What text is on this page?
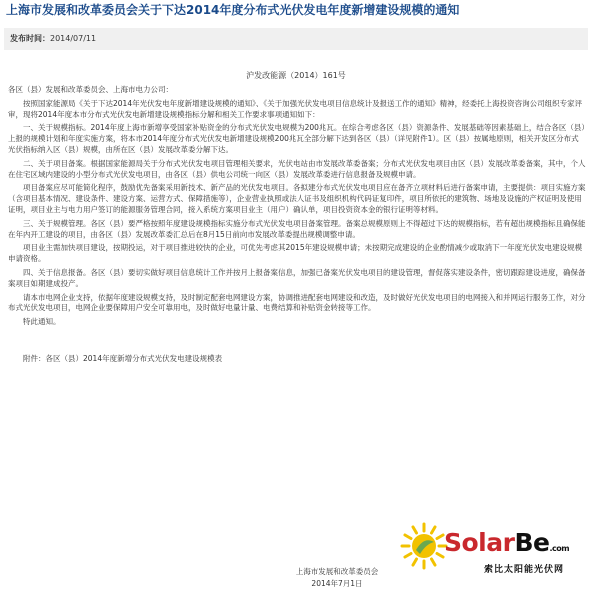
上海市发展和改革委员会关于下达2014年度分布式光伏发电年度新增建设规模的通知
发布时间：2014/07/11
沪发改能源（2014）161号

各区（县）发展和改革委员会、上海市电力公司：

按照国家能源局《关于下达2014年光伏发电年度新增建设规模的通知》、《关于加强光伏发电项目信息统计及报送工作的通知》精神，经委托上海投资咨询公司组织专家评审，现将2014年度本市分布式光伏发电新增建设规模指标分解和相关工作要求事项通知如下：

一、关于规模指标。2014年度上海市新增享受国家补贴资金的分布式光伏发电规模为200兆瓦。在综合考虑各区（县）资源条件、发展基础等因素基础上，结合各区（县）上报的规模计划和年度实施方案，将本市2014年度分布式光伏发电新增建设规模200兆瓦全部分解下达到各区（县）（详见附件1）。区（县）按属地原则，相关开发区分布式光伏指标纳入区（县）规模，由所在区（县）发展改革委分解下达。

二、关于项目备案。根据国家能源局关于分布式光伏发电项目管理相关要求，光伏电站由市发展改革委备案；分布式光伏发电项目由区（县）发展改革委备案，其中，个人在住宅区域内建设的小型分布式光伏发电项目，由各区（县）供电公司统一向区（县）发展改革委进行信息报备及规模申请。

项目备案应尽可能简化程序，鼓励优先备案采用新技术、新产品的光伏发电项目。各拟建分布式光伏发电项目应在备齐立项材料后进行备案申请，主要提供：项目实施方案（含项目基本情况、建设条件、建设方案、运营方式、保障措施等），企业营业执照或法人证书及组织机构代码证复印件，项目所依托的建筑物、场地及设施的产权证明及使用证明，项目业主与电力用户签订的能源服务管理合同，接入系统方案项目业主（用户）确认单，项目投资资本金的银行证明等材料。

三、关于规模管理。各区（县）要严格按照年度建设规模指标实施分布式光伏发电项目备案管理。备案总规模原则上不得超过下达的规模指标，若有超出规模指标且确保能在年内开工建设的项目，由各区（县）发展改革委汇总后在8月15日前向市发展改革委提出规模调整申请。

项目业主需加快项目建设，按期投运，对于项目推进较快的企业，可优先考虑其2015年建设规模申请；未按期完成建设的企业酌情减少或取消下一年度光伏发电建设规模申请资格。

四、关于信息报备。各区（县）要切实做好项目信息统计工作并按月上报备案信息，加强已备案光伏发电项目的建设管理，督促落实建设条件，密切跟踪建设进度，确保备案项目如期建成投产。

请本市电网企业支持，依据年度建设规模支持，及时制定配套电网建设方案，协调推进配套电网建设和改造，及时做好光伏发电项目的电网接入和并网运行服务工作，对分布式光伏发电项目，电网企业要保障用户安全可靠用电，及时做好电量计量、电费结算和补贴资金转接等工作。

特此通知。

附件：各区（县）2014年度新增分布式光伏发电建设规模表

上海市发展和改革委员会
2014年7月1日
SolarBe.com
索比太阳能光伏网
